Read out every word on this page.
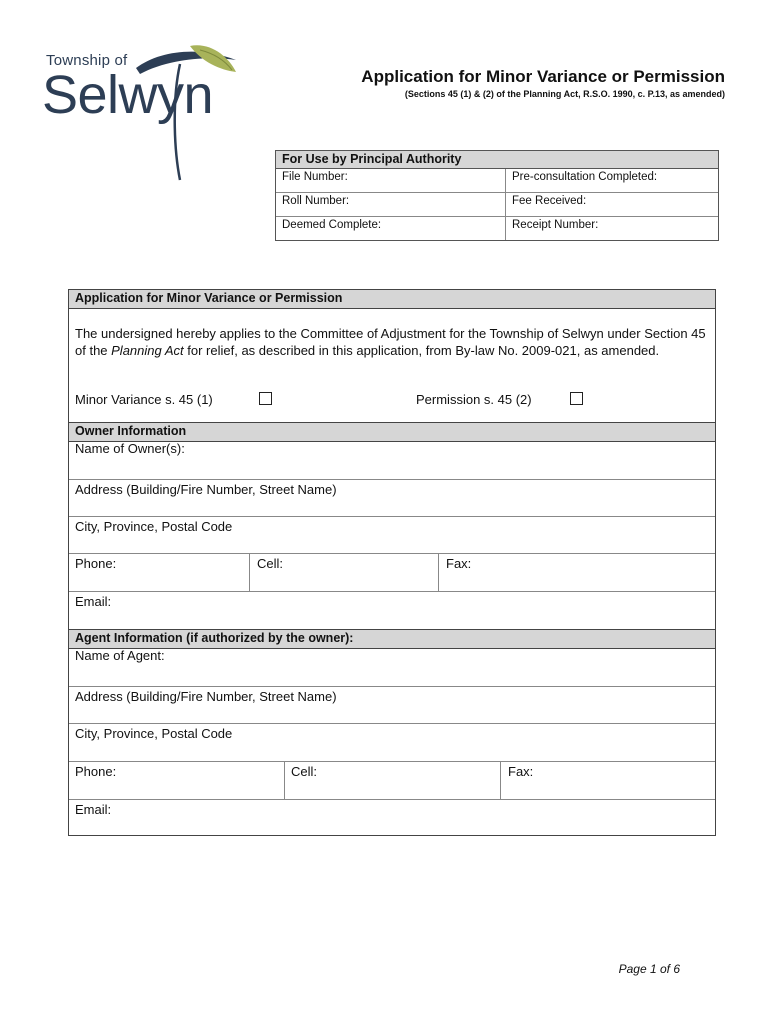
Township of
Selwyn	Application for Minor Variance or Permission
(Sections 45 (1) & (2) of the Planning Act, R.S.O. 1990, c. P.13, as amended)
For Use by Principal Authority
File Number:	Pre-consultation Completed:
Roll Number:	Fee Received:
Deemed Complete:	Receipt Number:
Application for Minor Variance or Permission
The undersigned hereby applies to the Committee of Adjustment for the Township of Selwyn under Section 45 of the Planning Act for relief, as described in this application, from By-law No. 2009-021, as amended.
Minor Variance s. 45 (1)	Permission s. 45 (2)
Owner Information
Name of Owner(s):
Address (Building/Fire Number, Street Name)
City, Province, Postal Code
Phone:	Cell:	Fax:
Email:
Agent Information (if authorized by the owner):
Name of Agent:
Address (Building/Fire Number, Street Name)
City, Province, Postal Code
Phone:	Cell:	Fax:
Email:
Page 1 of 6
